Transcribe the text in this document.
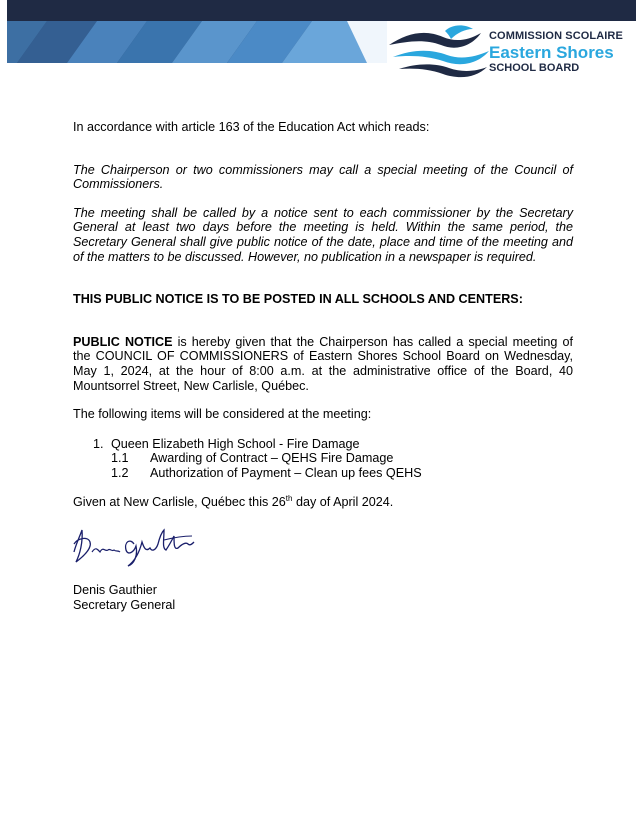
COMMISSION SCOLAIRE
Eastern Shores
SCHOOL BOARD

In accordance with article 163 of the Education Act which reads:

The Chairperson or two commissioners may call a special meeting of the Council of Commissioners.

The meeting shall be called by a notice sent to each commissioner by the Secretary General at least two days before the meeting is held. Within the same period, the Secretary General shall give public notice of the date, place and time of the meeting and of the matters to be discussed. However, no publication in a newspaper is required.

THIS PUBLIC NOTICE IS TO BE POSTED IN ALL SCHOOLS AND CENTERS:

PUBLIC NOTICE is hereby given that the Chairperson has called a special meeting of the COUNCIL OF COMMISSIONERS of Eastern Shores School Board on Wednesday, May 1, 2024, at the hour of 8:00 a.m. at the administrative office of the Board, 40 Mountsorrel Street, New Carlisle, Québec.

The following items will be considered at the meeting:

1. Queen Elizabeth High School - Fire Damage
1.1	Awarding of Contract – QEHS Fire Damage
1.2	Authorization of Payment – Clean up fees QEHS

Given at New Carlisle, Québec this 26th day of April 2024.

Denis Gauthier
Secretary General
